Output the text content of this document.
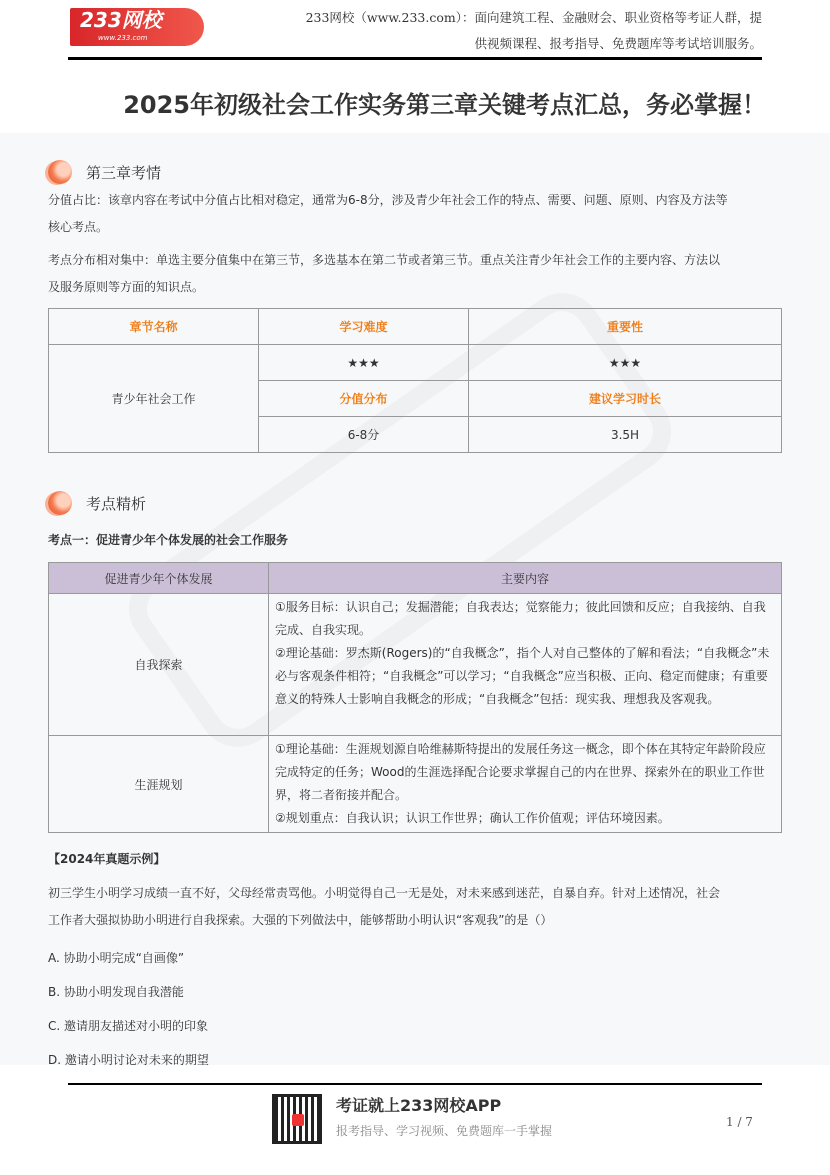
233网校
www.233.com
233网校（www.233.com）：面向建筑工程、金融财会、职业资格等考证人群，提
供视频课程、报考指导、免费题库等考试培训服务。
2025年初级社会工作实务第三章关键考点汇总，务必掌握！
第三章考情
分值占比：该章内容在考试中分值占比相对稳定，通常为6-8分，涉及青少年社会工作的特点、需要、问题、原则、内容及方法等
核心考点。
考点分布相对集中：单选主要分值集中在第三节，多选基本在第二节或者第三节。重点关注青少年社会工作的主要内容、方法以
及服务原则等方面的知识点。
章节名称	学习难度	重要性
青少年社会工作	★★★	★★★
	分值分布	建议学习时长
	6-8分	3.5H
考点精析
考点一：促进青少年个体发展的社会工作服务
促进青少年个体发展	主要内容
自我探索	①服务目标：认识自己；发掘潜能；自我表达；觉察能力；彼此回馈和反应；自我接纳、自我完成、自我实现。
②理论基础：罗杰斯(Rogers)的“自我概念”，指个人对自己整体的了解和看法；“自我概念”未必与客观条件相符；“自我概念”可以学习；“自我概念”应当积极、正向、稳定而健康；有重要意义的特殊人士影响自我概念的形成；“自我概念”包括：现实我、理想我及客观我。

生涯规划	①理论基础：生涯规划源自哈维赫斯特提出的发展任务这一概念，即个体在其特定年龄阶段应完成特定的任务；Wood的生涯选择配合论要求掌握自己的内在世界、探索外在的职业工作世界，将二者衔接并配合。
②规划重点：自我认识；认识工作世界；确认工作价值观；评估环境因素。
【2024年真题示例】
初三学生小明学习成绩一直不好，父母经常责骂他。小明觉得自己一无是处，对未来感到迷茫，自暴自弃。针对上述情况，社会
工作者大强拟协助小明进行自我探索。大强的下列做法中，能够帮助小明认识“客观我”的是（）
A. 协助小明完成“自画像”
B. 协助小明发现自我潜能
C. 邀请朋友描述对小明的印象
D. 邀请小明讨论对未来的期望
考证就上233网校APP
报考指导、学习视频、免费题库一手掌握
1 / 7
